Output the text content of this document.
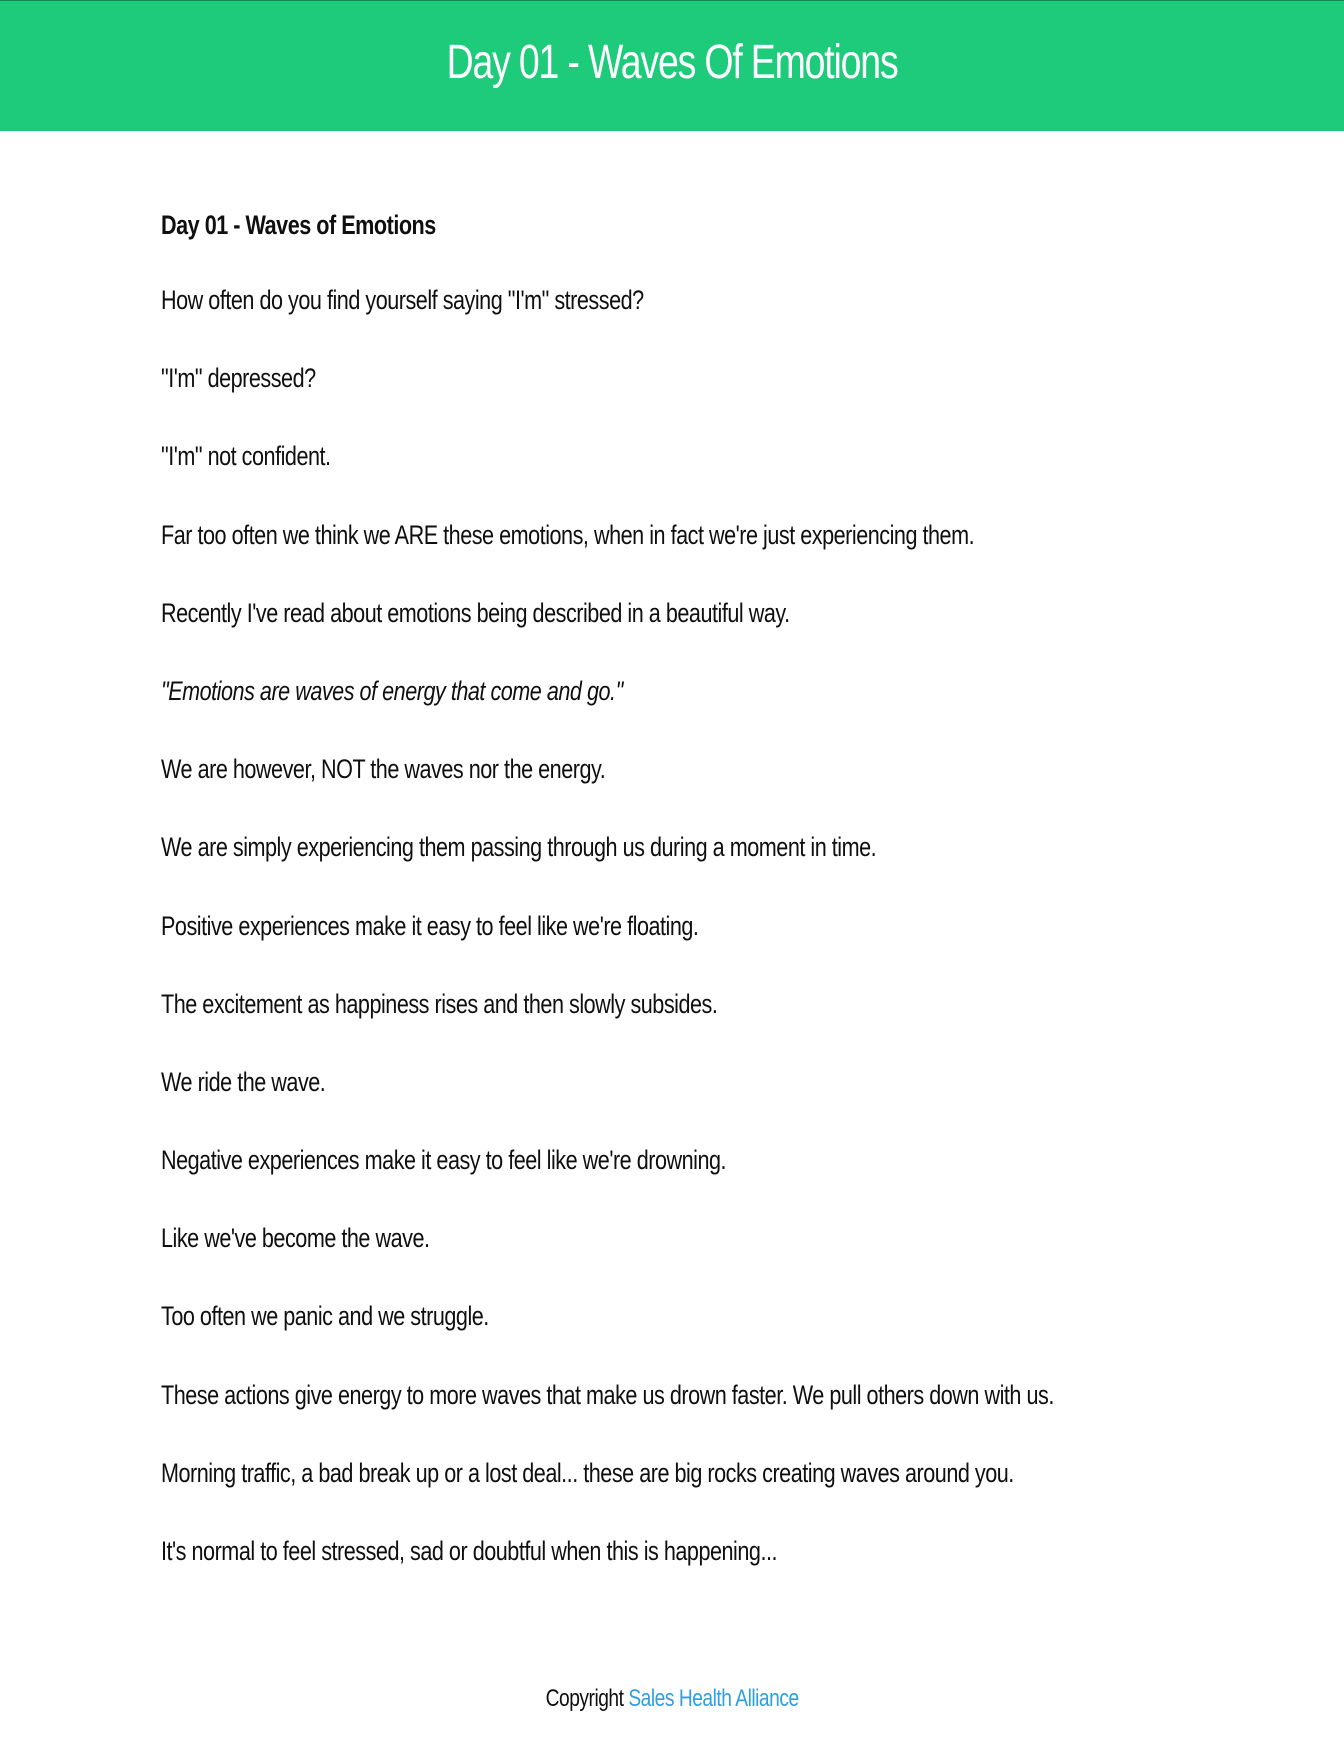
Day 01 - Waves Of Emotions

Day 01 - Waves of Emotions

How often do you find yourself saying "I'm" stressed?

"I'm" depressed?

"I'm" not confident.

Far too often we think we ARE these emotions, when in fact we're just experiencing them.

Recently I've read about emotions being described in a beautiful way.

"Emotions are waves of energy that come and go."

We are however, NOT the waves nor the energy.

We are simply experiencing them passing through us during a moment in time.

Positive experiences make it easy to feel like we're floating.

The excitement as happiness rises and then slowly subsides.

We ride the wave.

Negative experiences make it easy to feel like we're drowning.

Like we've become the wave.

Too often we panic and we struggle.

These actions give energy to more waves that make us drown faster. We pull others down with us.

Morning traffic, a bad break up or a lost deal... these are big rocks creating waves around you.

It's normal to feel stressed, sad or doubtful when this is happening...

Copyright Sales Health Alliance
